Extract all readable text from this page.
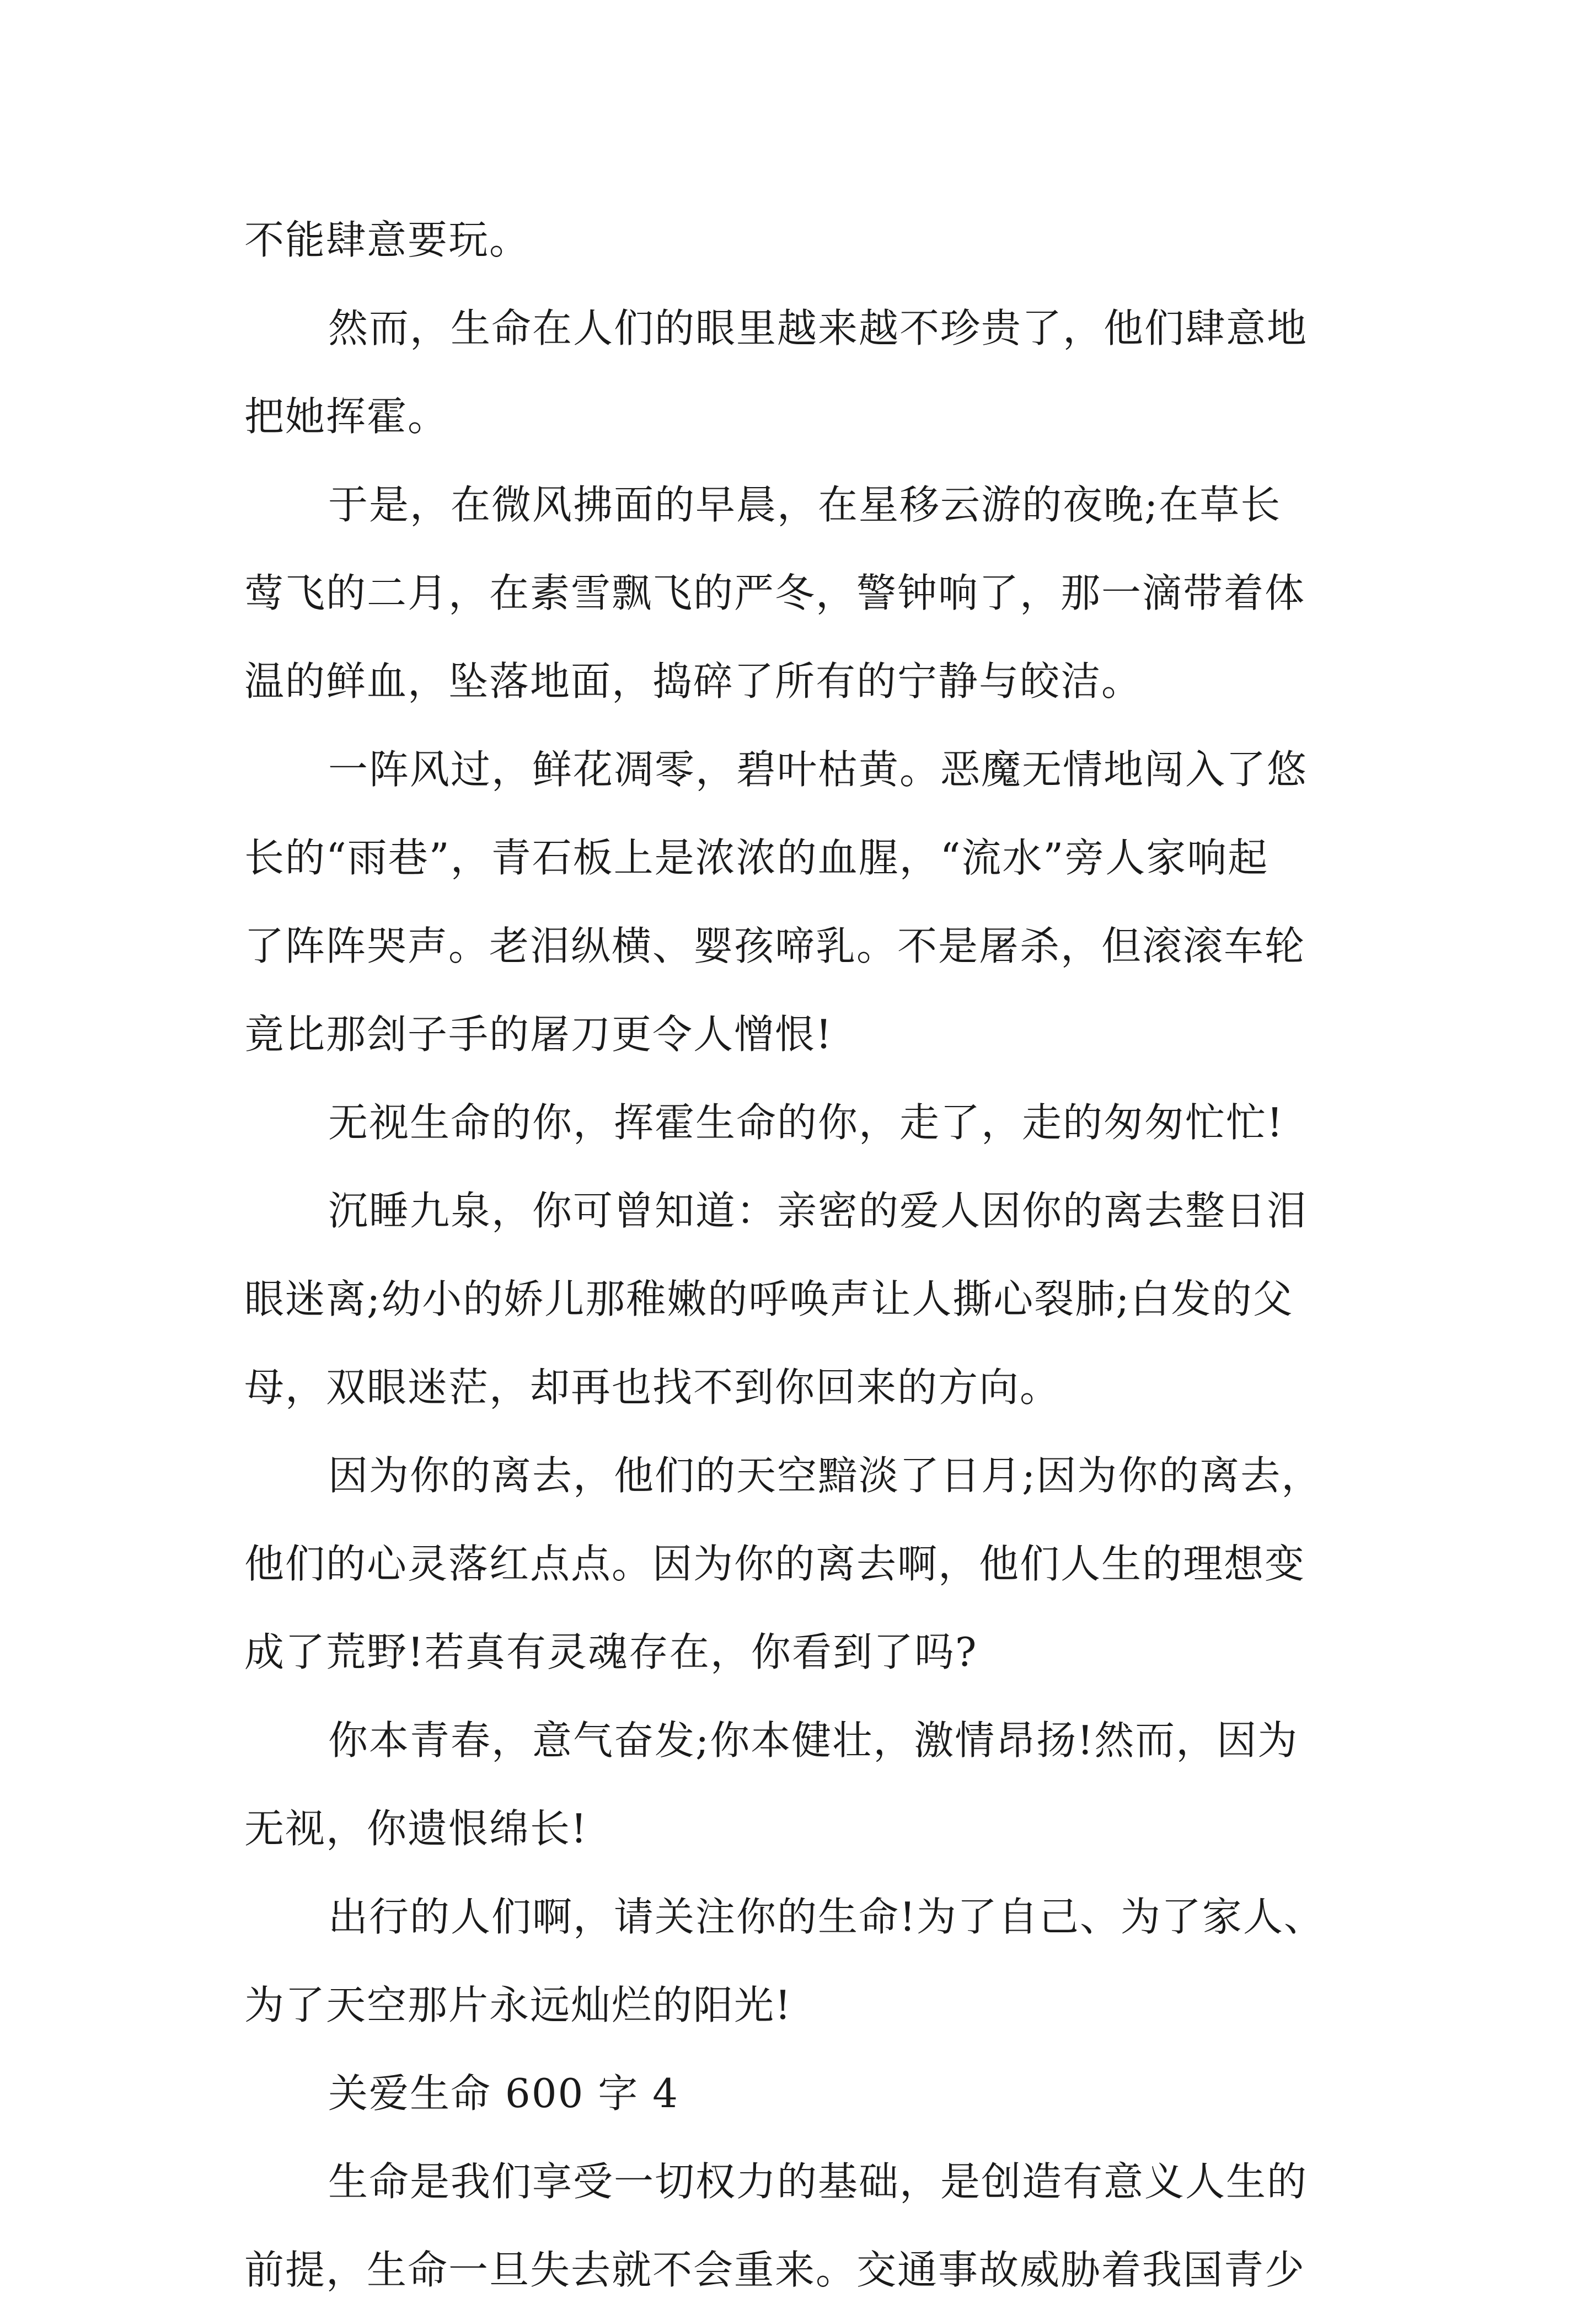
不能肆意要玩。
然而，生命在人们的眼里越来越不珍贵了，他们肆意地
把她挥霍。
于是，在微风拂面的早晨，在星移云游的夜晚;在草长
莺飞的二月，在素雪飘飞的严冬，警钟响了，那一滴带着体
温的鲜血，坠落地面，捣碎了所有的宁静与皎洁。
一阵风过，鲜花凋零，碧叶枯黄。恶魔无情地闯入了悠
长的“雨巷”，青石板上是浓浓的血腥，“流水”旁人家响起
了阵阵哭声。老泪纵横、婴孩啼乳。不是屠杀，但滚滚车轮
竟比那刽子手的屠刀更令人憎恨!
无视生命的你，挥霍生命的你，走了，走的匆匆忙忙!
沉睡九泉，你可曾知道：亲密的爱人因你的离去整日泪
眼迷离;幼小的娇儿那稚嫩的呼唤声让人撕心裂肺;白发的父
母，双眼迷茫，却再也找不到你回来的方向。
因为你的离去，他们的天空黯淡了日月;因为你的离去，
他们的心灵落红点点。因为你的离去啊，他们人生的理想变
成了荒野!若真有灵魂存在，你看到了吗?
你本青春，意气奋发;你本健壮，激情昂扬!然而，因为
无视，你遗恨绵长!
出行的人们啊，请关注你的生命!为了自己、为了家人、
为了天空那片永远灿烂的阳光!
关爱生命 600 字 4
生命是我们享受一切权力的基础，是创造有意义人生的
前提，生命一旦失去就不会重来。交通事故威胁着我国青少
